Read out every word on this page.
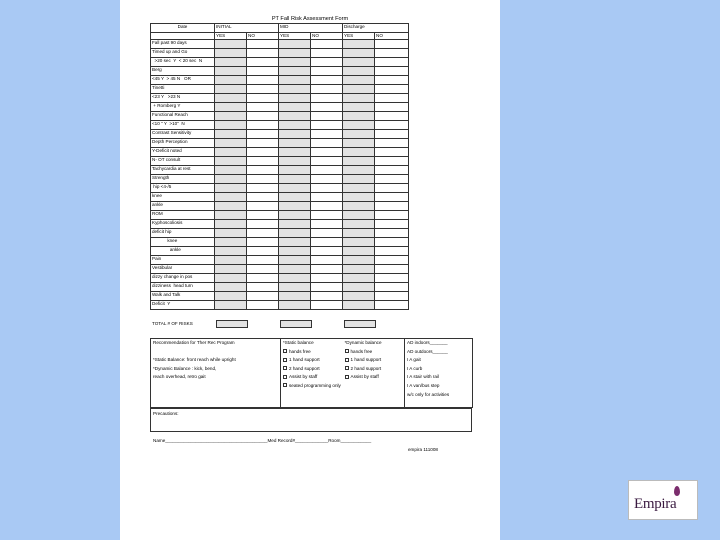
PT Fall Risk Assessment Form
Date	INITIAL		MID		Discharge	
	YES	NO	YES	NO	YES	NO
Fall past 90 days						
Timed up and Go						
>20 sec  Y  < 20 sec  N						
Berg						
<45 Y  > 45 N   OR						
Tinetti						
<23 Y   >23 N						
+ Romberg Y						
Functional Reach						
<10 " Y  >10"  N						
Contrast Sensitivity						
Depth Perception						
Y-Deficit noted						
N- OT consult						
Tachycardia at rest						
Strength						
hip <4-/5						
knee						
ankle						
ROM						
Kyphoscoliosis						
deficit hip						
knee						
ankle						
Pain						
Vestibular						
dizzy change in pos						
dizziness  head turn						
Walk and Talk						
Deficit  Y						
TOTAL # OF RISKS
Recommendation for Ther Rec Program

*Static Balance: front reach while upright
*Dynamic Balance : kick, bend,
reach overhead, retro gait

*Static balance
hands free
1 hand support
2 hand support
Assist by staff
seated programming only

*Dynamic balance
hands free
1 hand support
2 hand support
Assist by staff

AD indoors_______
AD outdoors______
I A gait
I A curb
I A stair with rail
I A van/bus step
w/c only for activities
Precautions:
Name________________________________________Med Record#_____________Room____________
empira 111008
Empira
